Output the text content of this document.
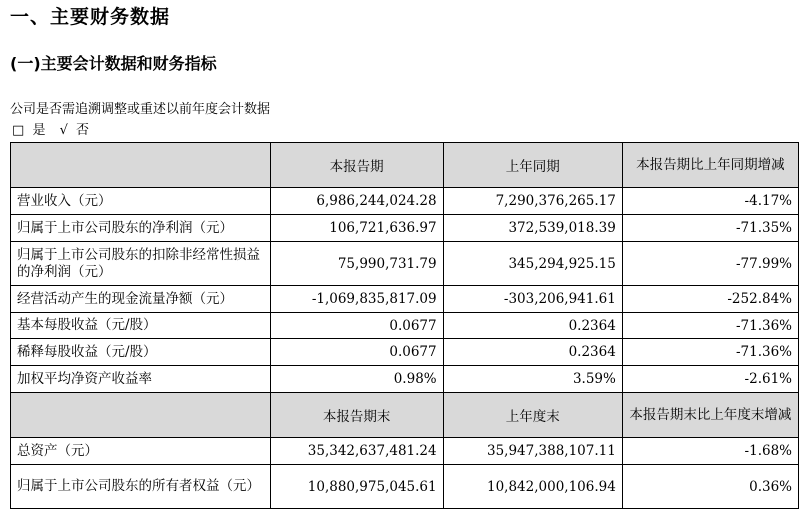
一、主要财务数据
(一)主要会计数据和财务指标
公司是否需追溯调整或重述以前年度会计数据
□ 是 √ 否
	本报告期	上年同期	本报告期比上年同期增减
营业收入（元）	6,986,244,024.28	7,290,376,265.17	-4.17%
归属于上市公司股东的净利润（元）	106,721,636.97	372,539,018.39	-71.35%
归属于上市公司股东的扣除非经常性损益的净利润（元）	75,990,731.79	345,294,925.15	-77.99%
经营活动产生的现金流量净额（元）	-1,069,835,817.09	-303,206,941.61	-252.84%
基本每股收益（元/股）	0.0677	0.2364	-71.36%
稀释每股收益（元/股）	0.0677	0.2364	-71.36%
加权平均净资产收益率	0.98%	3.59%	-2.61%
	本报告期末	上年度末	本报告期末比上年度末增减
总资产（元）	35,342,637,481.24	35,947,388,107.11	-1.68%
归属于上市公司股东的所有者权益（元）	10,880,975,045.61	10,842,000,106.94	0.36%
